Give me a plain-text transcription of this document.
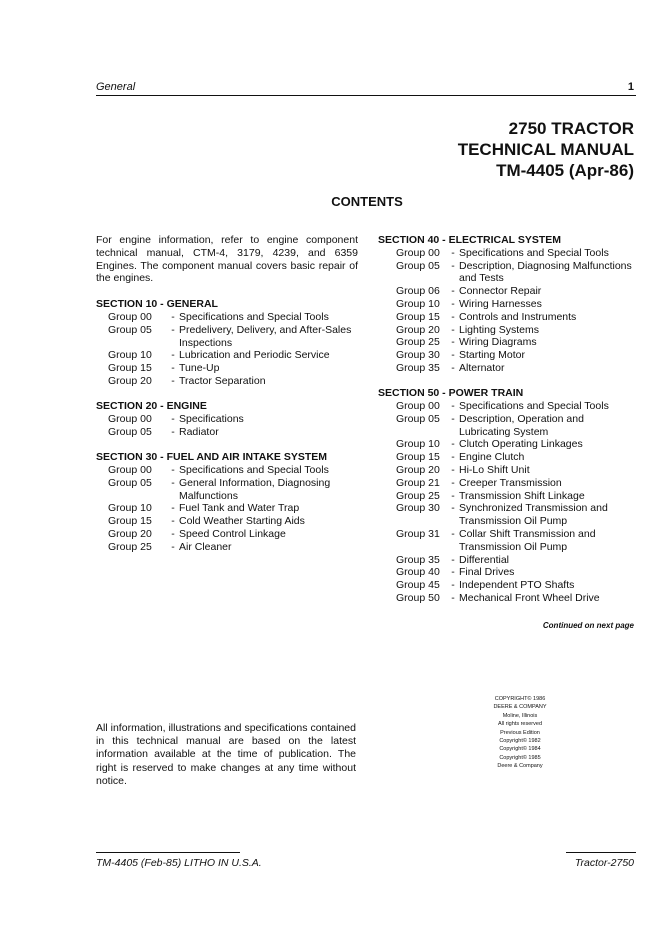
General	1
2750 TRACTOR
TECHNICAL MANUAL
TM-4405 (Apr-86)
CONTENTS
For engine information, refer to engine component technical manual, CTM-4, 3179, 4239, and 6359 Engines. The component manual covers basic repair of the engines.
SECTION 10 - GENERAL
Group 00	- Specifications and Special Tools
Group 05	- Predelivery, Delivery, and After-Sales Inspections
Group 10	- Lubrication and Periodic Service
Group 15	- Tune-Up
Group 20	- Tractor Separation
SECTION 20 - ENGINE
Group 00	- Specifications
Group 05	- Radiator
SECTION 30 - FUEL AND AIR INTAKE SYSTEM
Group 00	- Specifications and Special Tools
Group 05	- General Information, Diagnosing Malfunctions
Group 10	- Fuel Tank and Water Trap
Group 15	- Cold Weather Starting Aids
Group 20	- Speed Control Linkage
Group 25	- Air Cleaner
SECTION 40 - ELECTRICAL SYSTEM
Group 00	- Specifications and Special Tools
Group 05	- Description, Diagnosing Malfunctions and Tests
Group 06	- Connector Repair
Group 10	- Wiring Harnesses
Group 15	- Controls and Instruments
Group 20	- Lighting Systems
Group 25	- Wiring Diagrams
Group 30	- Starting Motor
Group 35	- Alternator
SECTION 50 - POWER TRAIN
Group 00	- Specifications and Special Tools
Group 05	- Description, Operation and Lubricating System
Group 10	- Clutch Operating Linkages
Group 15	- Engine Clutch
Group 20	- Hi-Lo Shift Unit
Group 21	- Creeper Transmission
Group 25	- Transmission Shift Linkage
Group 30	- Synchronized Transmission and Transmission Oil Pump
Group 31	- Collar Shift Transmission and Transmission Oil Pump
Group 35	- Differential
Group 40	- Final Drives
Group 45	- Independent PTO Shafts
Group 50	- Mechanical Front Wheel Drive
Continued on next page
COPYRIGHT© 1986
DEERE & COMPANY
Moline, Illinois
All rights reserved
Previous Edition
Copyright© 1982
Copyright© 1984
Copyright© 1985
Deere & Company
All information, illustrations and specifications contained in this technical manual are based on the latest information available at the time of publication. The right is reserved to make changes at any time without notice.
TM-4405 (Feb-85) LITHO IN U.S.A.	Tractor-2750
